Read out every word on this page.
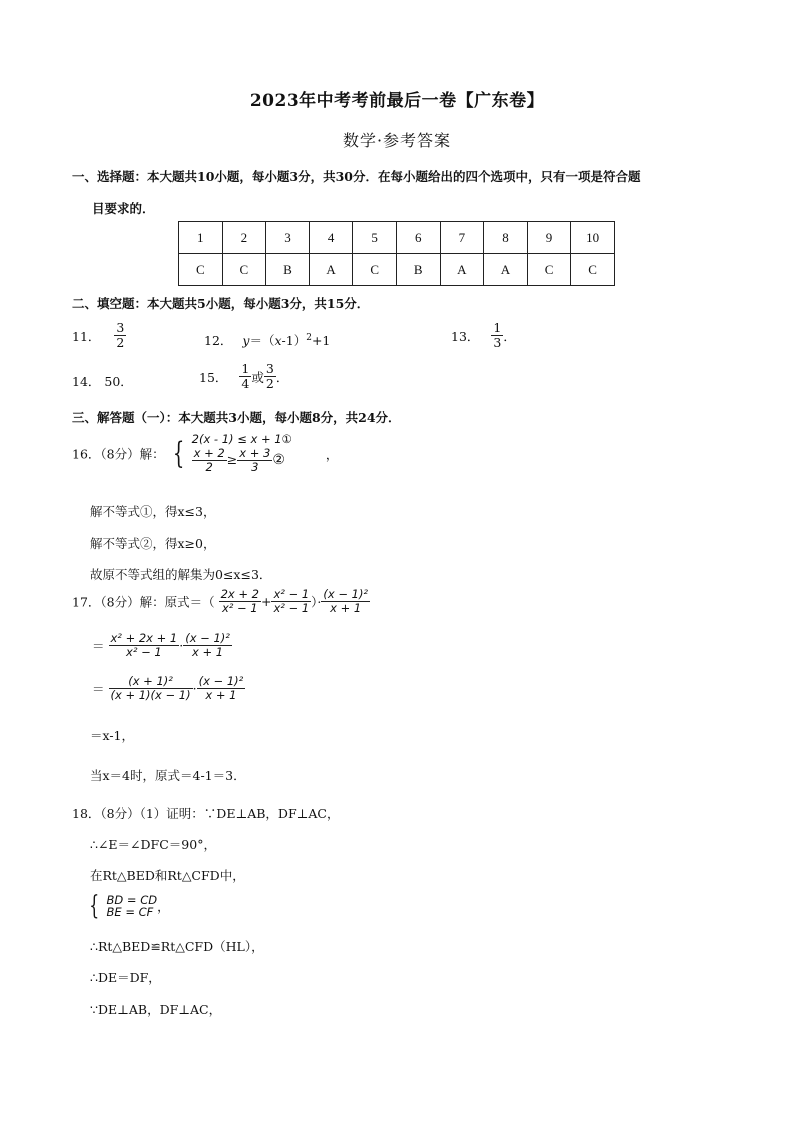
2023年中考考前最后一卷【广东卷】
数学·参考答案
一、选择题：本大题共10小题，每小题3分，共30分．在每小题给出的四个选项中，只有一项是符合题
目要求的．
1	2	3	4	5	6	7	8	9	10
C	C	B	A	C	B	A	A	C	C
二、填空题：本大题共5小题，每小题3分，共15分．
11． $\frac{3}{2}$	12． $y=(x-1)^2+1$	13． $\frac{1}{3}$ ．
14． 50．	15． $\frac{1}{4}$ 或 $\frac{3}{2}$ ．
三、解答题（一）：本大题共3小题，每小题8分，共24分．
16．（8分）解： { 2(x - 1) ≤ x + 1①
$\frac{x + 2}{2} \ge \frac{x + 3}{3}$ ②	，
解不等式①，得x≤3，
解不等式②，得x≥0，
故原不等式组的解集为0≤x≤3．
17．（8分）解：原式＝（ $\frac{2x + 2}{\text{x² − 1}} + \frac{\text{x² − 1}}{\text{x² − 1}}$ ）· $\frac{\text{(x − 1)²}}{x + 1}$
＝ $\frac{\text{x² + 2x + 1}}{\text{x² − 1}} \cdot \frac{\text{(x − 1)²}}{x + 1}$
＝ $\frac{\text{(x + 1)²}}{(x + 1)(x - 1)} \cdot \frac{\text{(x − 1)²}}{x + 1}$
＝x-1，
当x＝4时，原式＝4-1＝3．
18．（8分）（1）证明：∵DE⊥AB，DF⊥AC，
∴∠E＝∠DFC＝90°，
在Rt△BED和Rt△CFD中，
{ BD = CD
BE = CF ，
∴Rt△BED≌Rt△CFD（HL），
∴DE＝DF，
∵DE⊥AB，DF⊥AC，
